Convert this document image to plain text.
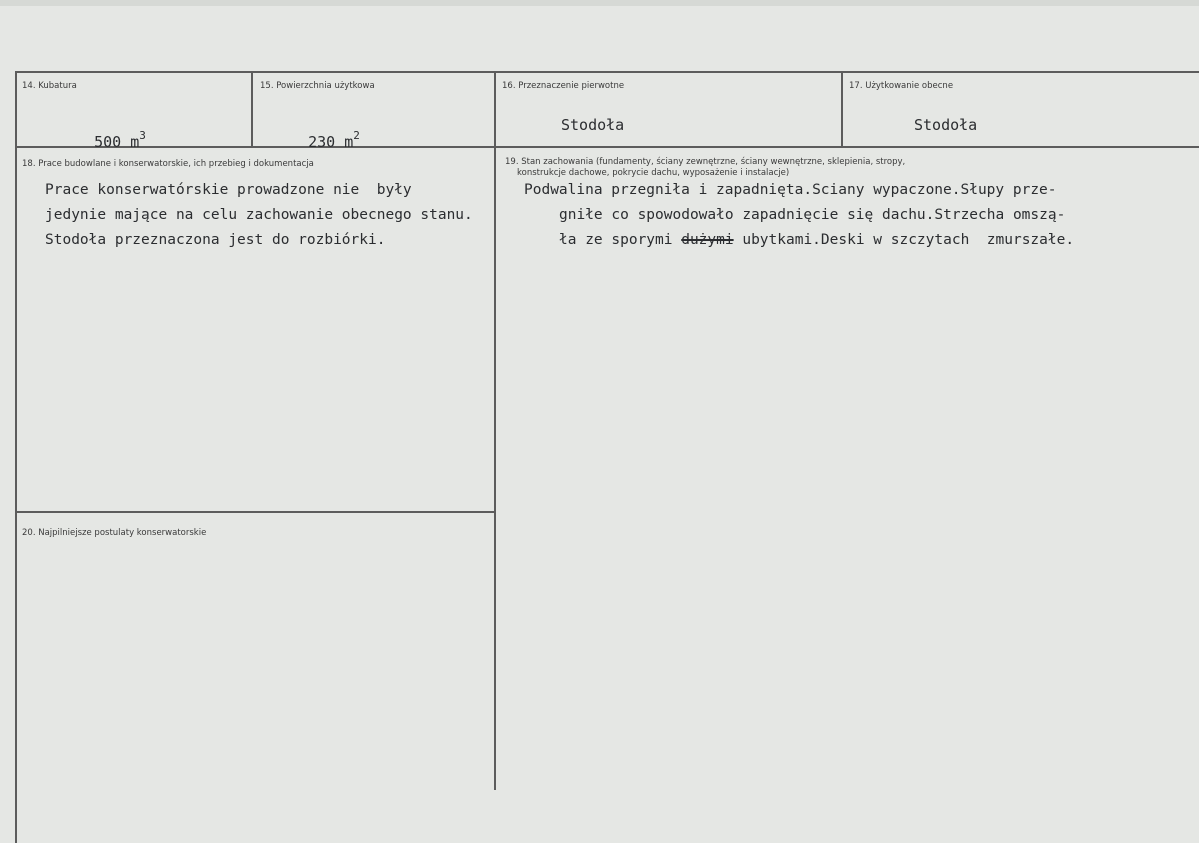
14. Kubatura

500 $m^3$

15. Powierzchnia użytkowa

230 $m^2$

16. Przeznaczenie pierwotne
Stodoła
17. Użytkowanie obecne
Stodoła
18. Prace budowlane i konserwatorskie, ich przebieg i dokumentacja
Prace konserwatórskie prowadzone nie  były
jedynie mające na celu zachowanie obecnego stanu.
Stodoła przeznaczona jest do rozbiórki.
19. Stan zachowania (fundamenty, ściany zewnętrzne, ściany wewnętrzne, sklepienia, stropy,
konstrukcje dachowe, pokrycie dachu, wyposażenie i instalacje)
Podwalina przegniła i zapadnięta.Sciany wypaczone.Słupy prze-
gniłe co spowodowało zapadnięcie się dachu.Strzecha omszą-
ła ze sporymi dużymi ubytkami.Deski w szczytach  zmurszałe.
20. Najpilniejsze postulaty konserwatorskie
